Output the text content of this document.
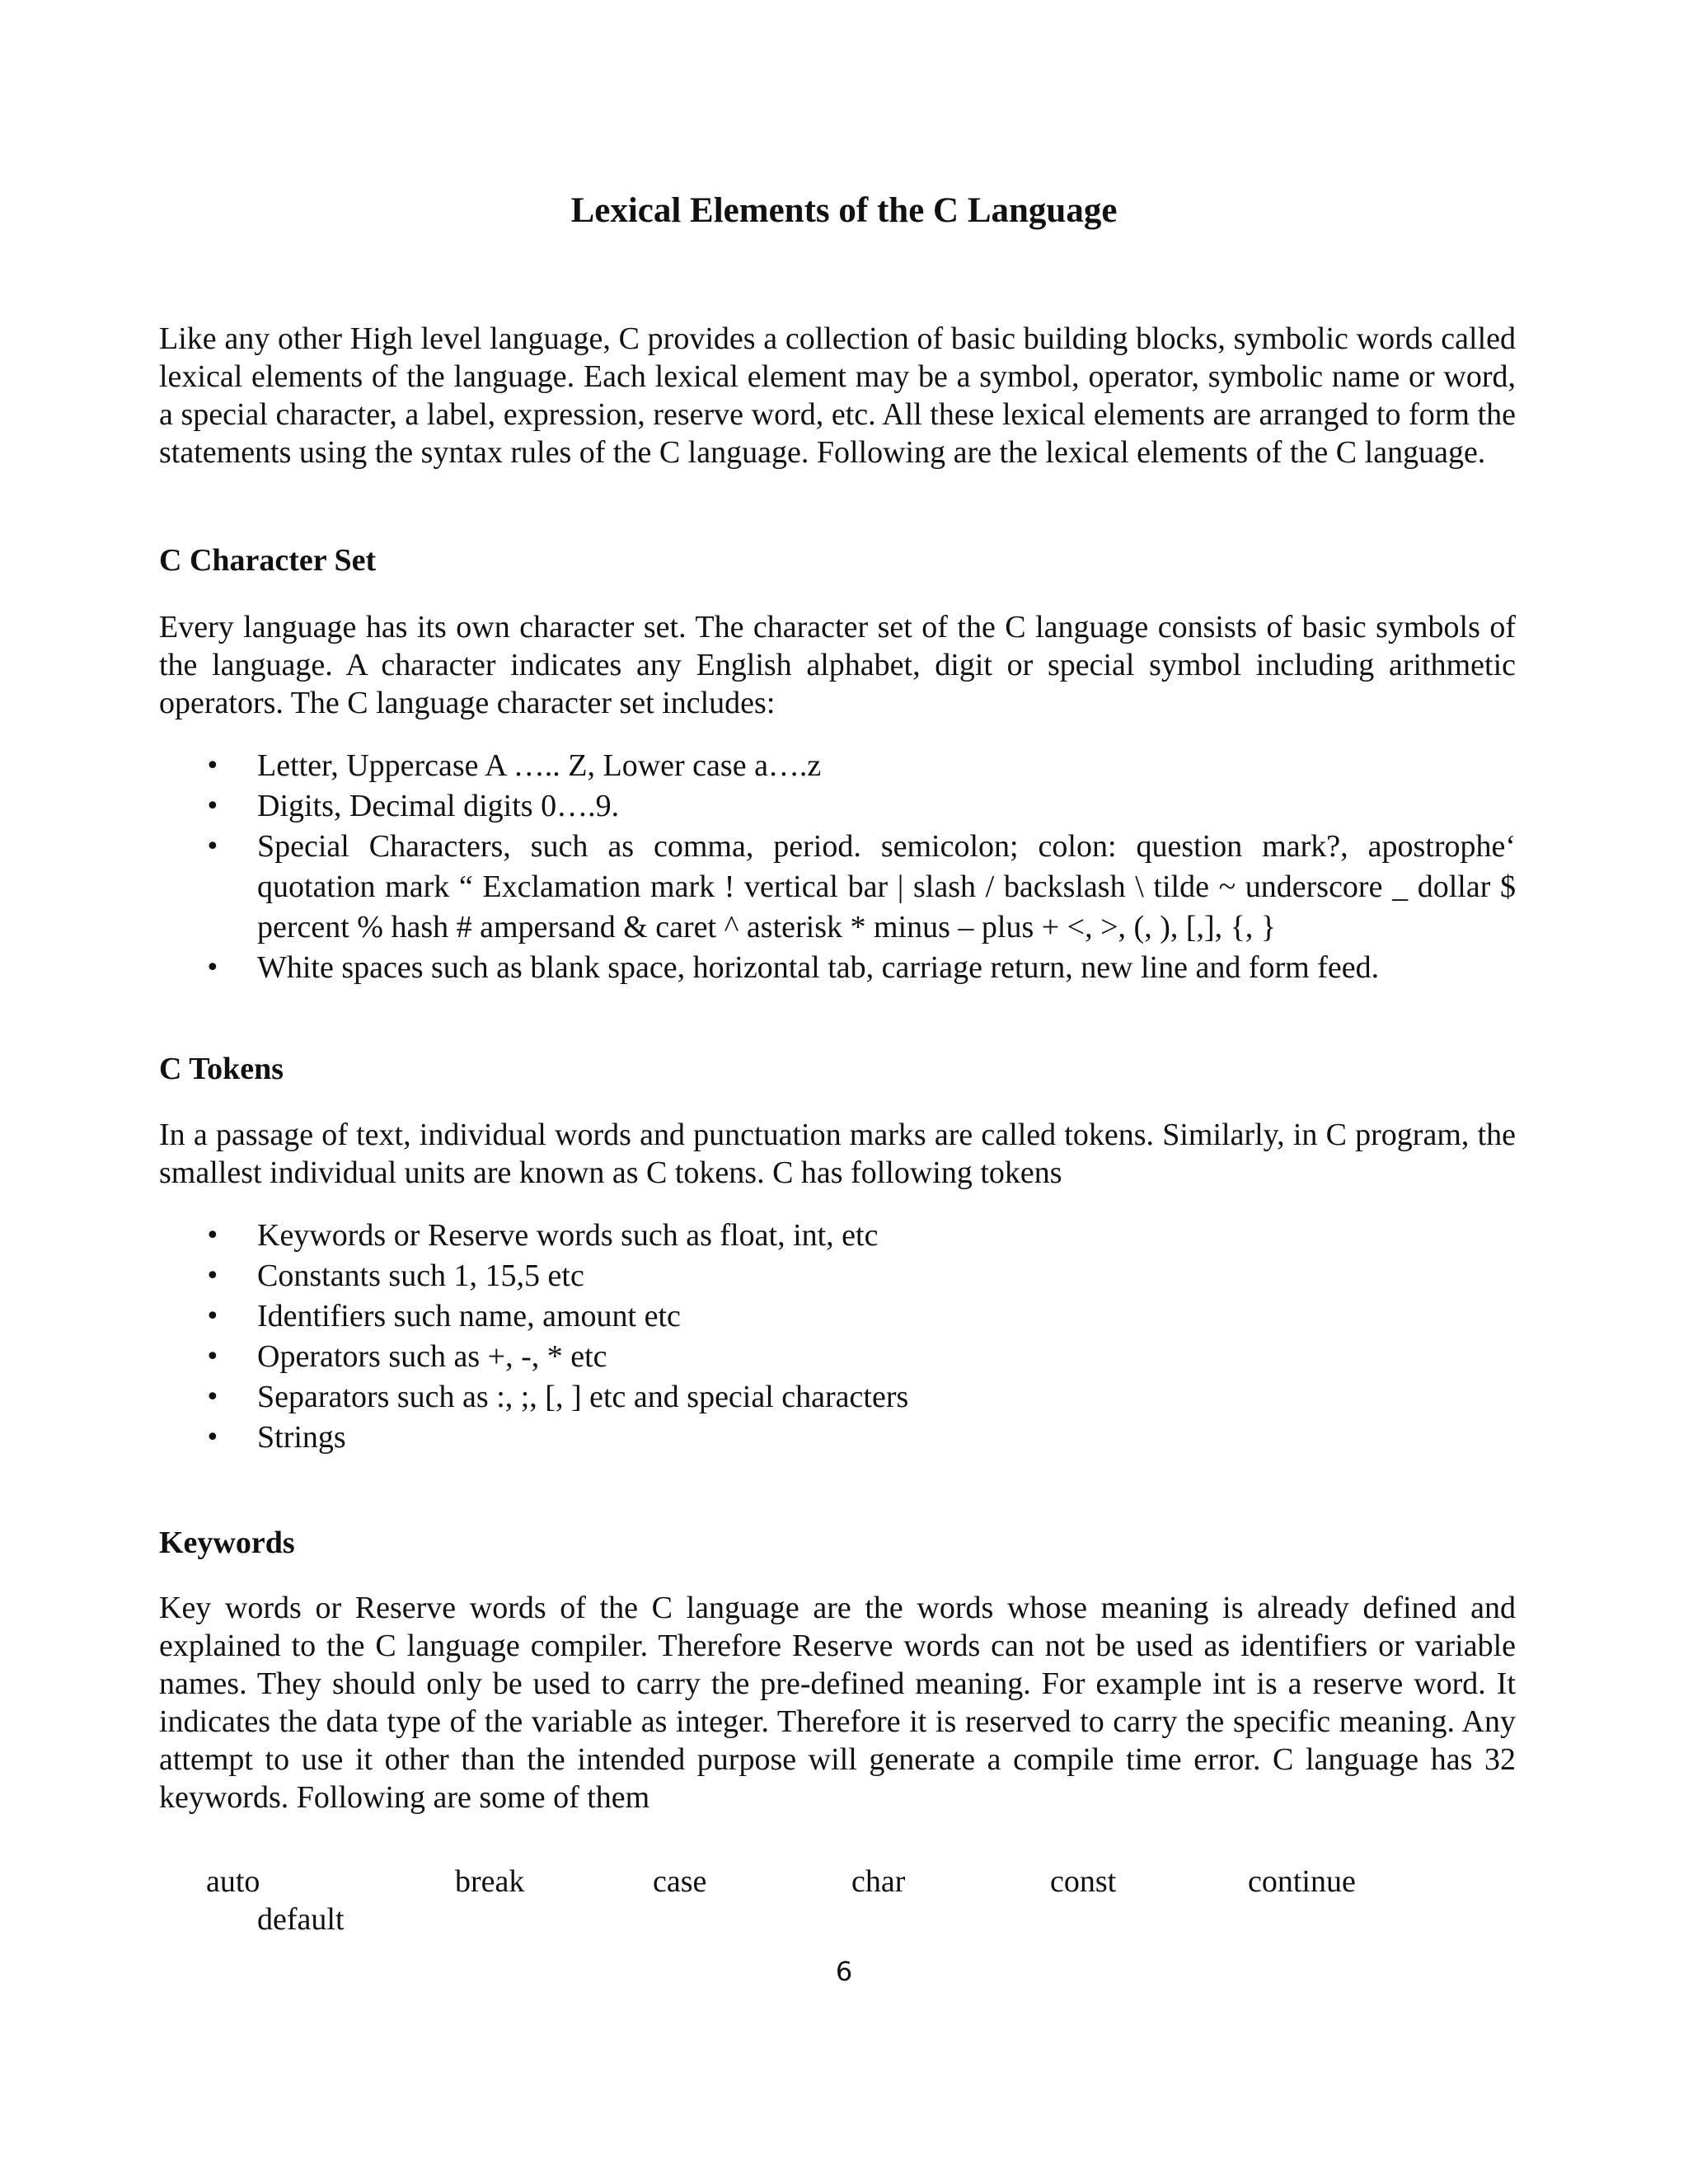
Lexical Elements of the C Language

Like any other High level language, C provides a collection of basic building blocks, symbolic words called lexical elements of the language. Each lexical element may be a symbol, operator, symbolic name or word, a special character, a label, expression, reserve word, etc. All these lexical elements are arranged to form the statements using the syntax rules of the C language. Following are the lexical elements of the C language.

C Character Set

Every language has its own character set. The character set of the C language consists of basic symbols of the language. A character indicates any English alphabet, digit or special symbol including arithmetic operators. The C language character set includes:

• Letter, Uppercase A ….. Z, Lower case a….z
• Digits, Decimal digits 0….9.
• Special Characters, such as comma, period. semicolon; colon: question mark?, apostrophe‘ quotation mark “ Exclamation mark ! vertical bar | slash / backslash \ tilde ~ underscore _ dollar $ percent % hash # ampersand & caret ^ asterisk * minus – plus + <, >, (, ), [,], {, }
• White spaces such as blank space, horizontal tab, carriage return, new line and form feed.
C Tokens

In a passage of text, individual words and punctuation marks are called tokens. Similarly, in C program, the smallest individual units are known as C tokens. C has following tokens

• Keywords or Reserve words such as float, int, etc
• Constants such 1, 15,5 etc
• Identifiers such name, amount etc
• Operators such as +, -, * etc
• Separators such as :, ;, [, ] etc and special characters
• Strings
Keywords

Key words or Reserve words of the C language are the words whose meaning is already defined and explained to the C language compiler. Therefore Reserve words can not be used as identifiers or variable names. They should only be used to carry the pre-defined meaning. For example int is a reserve word. It indicates the data type of the variable as integer. Therefore it is reserved to carry the specific meaning. Any attempt to use it other than the intended purpose will generate a compile time error. C language has 32 keywords. Following are some of them

auto	break	case	char	const	continue
default
6
